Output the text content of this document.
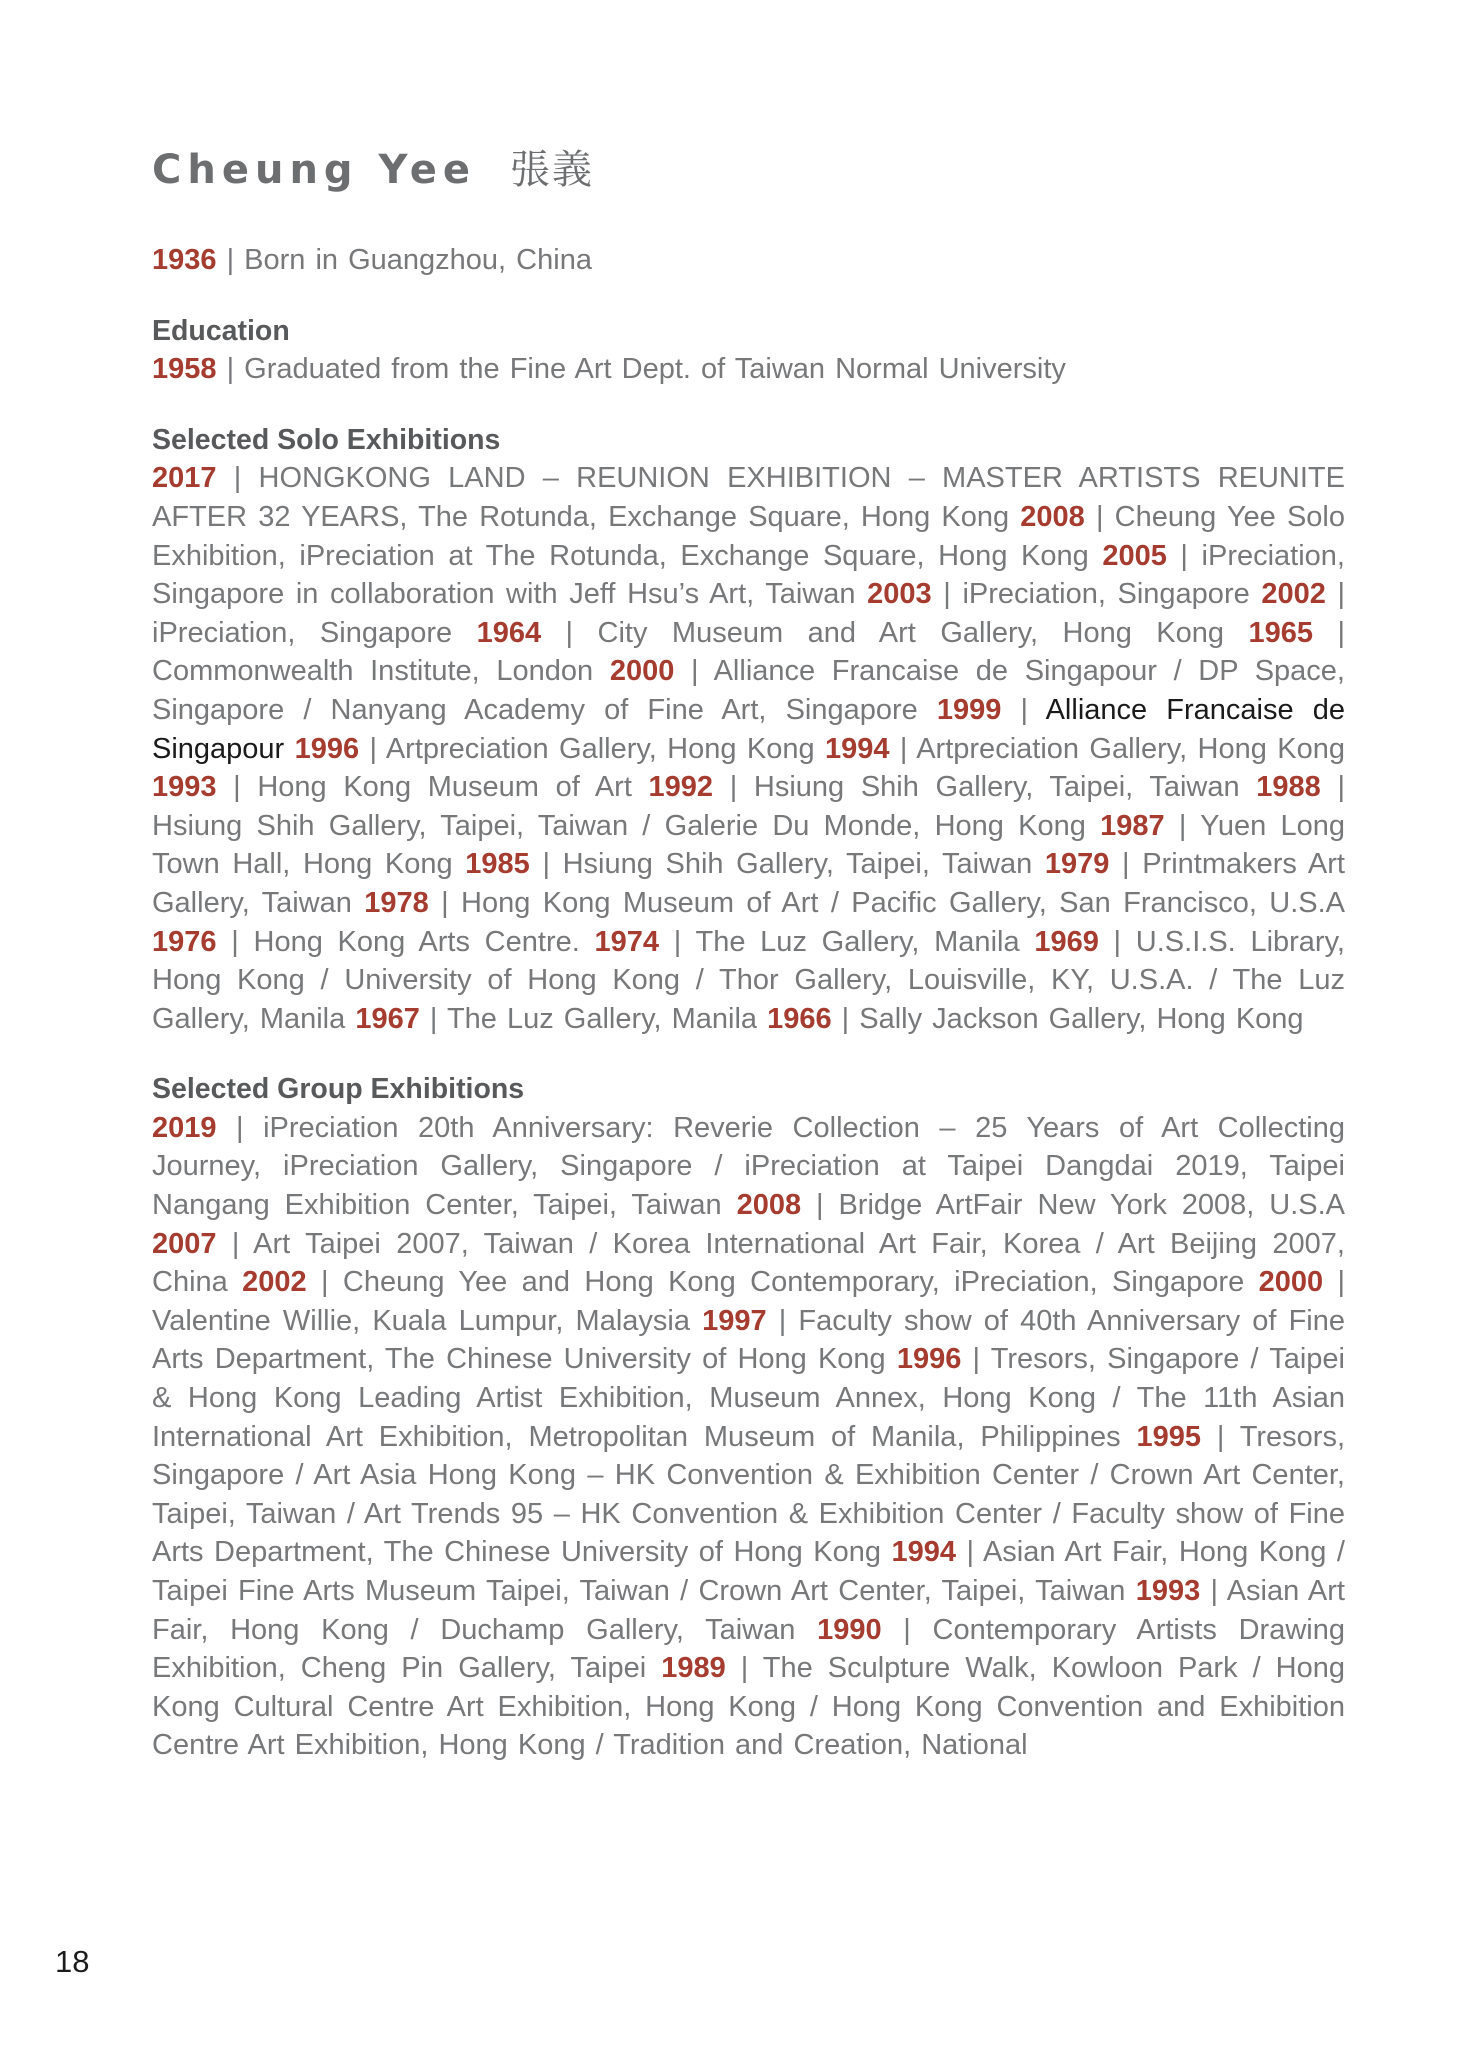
Cheung Yee 張義

1936 | Born in Guangzhou, China

Education

1958 | Graduated from the Fine Art Dept. of Taiwan Normal University

Selected Solo Exhibitions

2017 | HONGKONG LAND – REUNION EXHIBITION – MASTER ARTISTS REUNITE AFTER 32 YEARS, The Rotunda, Exchange Square, Hong Kong 2008 | Cheung Yee Solo Exhibition, iPreciation at The Rotunda, Exchange Square, Hong Kong 2005 | iPreciation, Singapore in collaboration with Jeff Hsu’s Art, Taiwan 2003 | iPreciation, Singapore 2002 | iPreciation, Singapore 1964 | City Museum and Art Gallery, Hong Kong 1965 | Commonwealth Institute, London 2000 | Alliance Francaise de Singapour / DP Space, Singapore / Nanyang Academy of Fine Art, Singapore 1999 | Alliance Francaise de Singapour 1996 | Artpreciation Gallery, Hong Kong 1994 | Artpreciation Gallery, Hong Kong 1993 | Hong Kong Museum of Art 1992 | Hsiung Shih Gallery, Taipei, Taiwan 1988 | Hsiung Shih Gallery, Taipei, Taiwan / Galerie Du Monde, Hong Kong 1987 | Yuen Long Town Hall, Hong Kong 1985 | Hsiung Shih Gallery, Taipei, Taiwan 1979 | Printmakers Art Gallery, Taiwan 1978 | Hong Kong Museum of Art / Pacific Gallery, San Francisco, U.S.A 1976 | Hong Kong Arts Centre. 1974 | The Luz Gallery, Manila 1969 | U.S.I.S. Library, Hong Kong / University of Hong Kong / Thor Gallery, Louisville, KY, U.S.A. / The Luz Gallery, Manila 1967 | The Luz Gallery, Manila 1966 | Sally Jackson Gallery, Hong Kong

Selected Group Exhibitions

2019 | iPreciation 20th Anniversary: Reverie Collection – 25 Years of Art Collecting Journey, iPreciation Gallery, Singapore / iPreciation at Taipei Dangdai 2019, Taipei Nangang Exhibition Center, Taipei, Taiwan 2008 | Bridge ArtFair New York 2008, U.S.A 2007 | Art Taipei 2007, Taiwan / Korea International Art Fair, Korea / Art Beijing 2007, China 2002 | Cheung Yee and Hong Kong Contemporary, iPreciation, Singapore 2000 | Valentine Willie, Kuala Lumpur, Malaysia 1997 | Faculty show of 40th Anniversary of Fine Arts Department, The Chinese University of Hong Kong 1996 | Tresors, Singapore / Taipei & Hong Kong Leading Artist Exhibition, Museum Annex, Hong Kong / The 11th Asian International Art Exhibition, Metropolitan Museum of Manila, Philippines 1995 | Tresors, Singapore / Art Asia Hong Kong – HK Convention & Exhibition Center / Crown Art Center, Taipei, Taiwan / Art Trends 95 – HK Convention & Exhibition Center / Faculty show of Fine Arts Department, The Chinese University of Hong Kong 1994 | Asian Art Fair, Hong Kong / Taipei Fine Arts Museum Taipei, Taiwan / Crown Art Center, Taipei, Taiwan 1993 | Asian Art Fair, Hong Kong / Duchamp Gallery, Taiwan 1990 | Contemporary Artists Drawing Exhibition, Cheng Pin Gallery, Taipei 1989 | The Sculpture Walk, Kowloon Park / Hong Kong Cultural Centre Art Exhibition, Hong Kong / Hong Kong Convention and Exhibition Centre Art Exhibition, Hong Kong / Tradition and Creation, National

18
